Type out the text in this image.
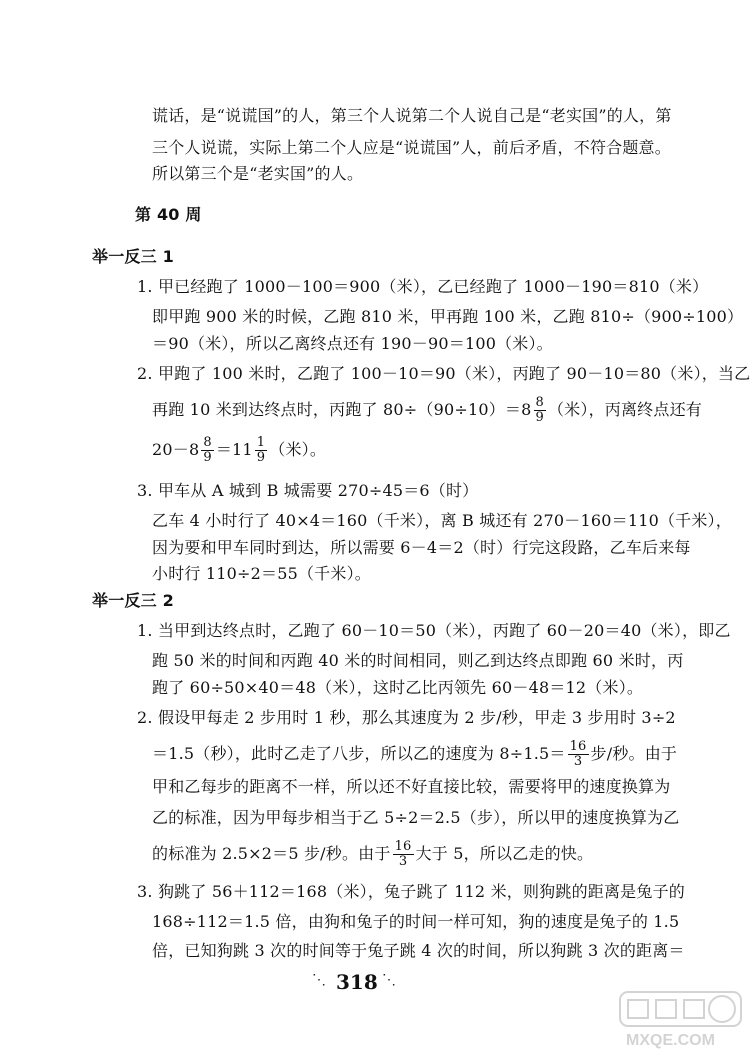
谎话，是“说谎国”的人，第三个人说第二个人说自己是“老实国”的人，第
三个人说谎，实际上第二个人应是“说谎国”人，前后矛盾，不符合题意。
所以第三个是“老实国”的人。
第 40 周
举一反三 1
1. 甲已经跑了 1000－100＝900（米），乙已经跑了 1000－190＝810（米）
即甲跑 900 米的时候，乙跑 810 米，甲再跑 100 米，乙跑 810÷（900÷100）
＝90（米），所以乙离终点还有 190－90＝100（米）。
2. 甲跑了 100 米时，乙跑了 100－10＝90（米），丙跑了 90－10＝80（米），当乙
再跑 10 米到达终点时，丙跑了 $80\div(90\div 10)=8 \frac{8}{9}$ （米），丙离终点还有
$20-8 \frac{8}{9} =11 \frac{1}{9}$ （米）。
3. 甲车从 A 城到 B 城需要 270÷45＝6（时）
乙车 4 小时行了 40×4＝160（千米），离 B 城还有 270－160＝110（千米），
因为要和甲车同时到达，所以需要 6－4＝2（时）行完这段路，乙车后来每
小时行 110÷2＝55（千米）。
举一反三 2
1. 当甲到达终点时，乙跑了 60－10＝50（米），丙跑了 60－20＝40（米），即乙
跑 50 米的时间和丙跑 40 米的时间相同，则乙到达终点即跑 60 米时，丙
跑了 60÷50×40＝48（米），这时乙比丙领先 60－48＝12（米）。
2. 假设甲每走 2 步用时 1 秒，那么其速度为 2 步/秒，甲走 3 步用时 3÷2
＝1.5（秒），此时乙走了八步，所以乙的速度为 $8\div 1.5= \frac{16}{3}$ 步/秒。由于
甲和乙每步的距离不一样，所以还不好直接比较，需要将甲的速度换算为
乙的标准，因为甲每步相当于乙 5÷2＝2.5（步），所以甲的速度换算为乙
的标准为 2.5×2＝5 步/秒。由于 $\frac{16}{3}$ 大于 5，所以乙走的快。
3. 狗跳了 56＋112＝168（米），兔子跳了 112 米，则狗跳的距离是兔子的
168÷112＝1.5 倍，由狗和兔子的时间一样可知，狗的速度是兔子的 1.5
倍，已知狗跳 3 次的时间等于兔子跳 4 次的时间，所以狗跳 3 次的距离＝
⋱ 318 ⋱
MXQE.COM
